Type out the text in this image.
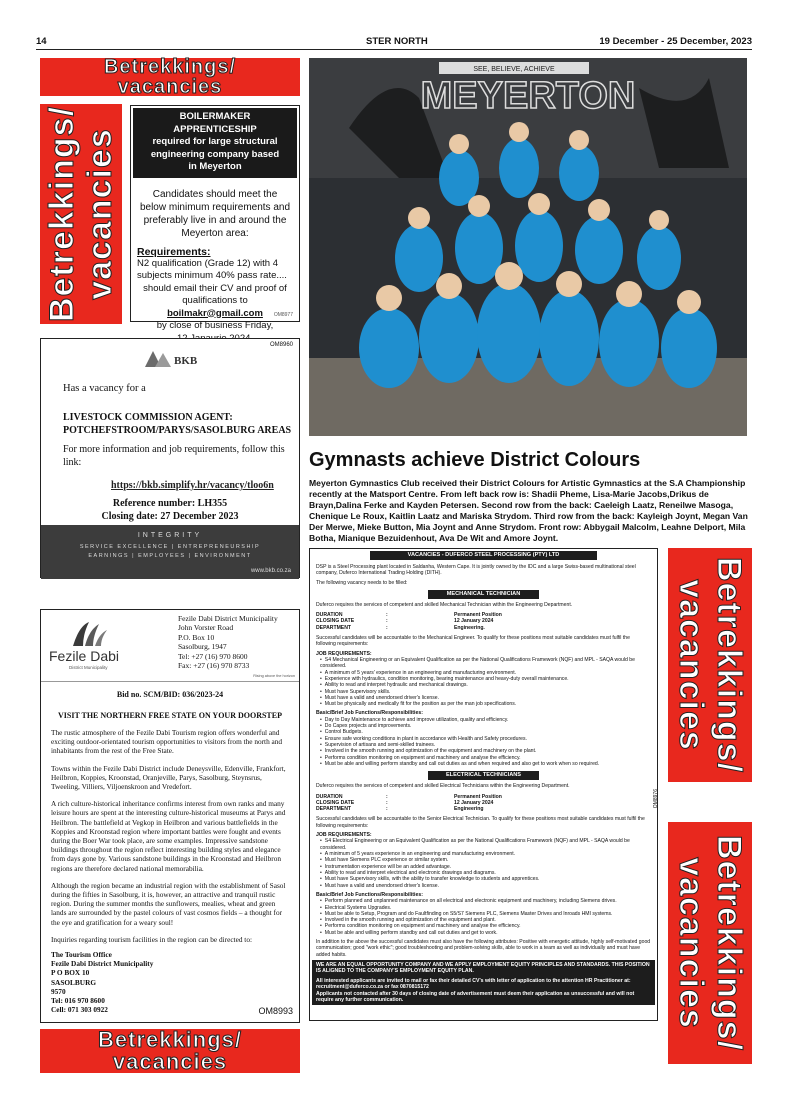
14	STER NORTH	19 December - 25 December, 2023
Betrekkings/
vacancies
Betrekkings/ vacancies
BOILERMAKER APPRENTICESHIP
required for large structural
engineering company based
in Meyerton

Candidates should meet the below minimum requirements and preferably live in and around the Meyerton area:

Requirements:
N2 qualification (Grade 12) with 4 subjects minimum 40% pass rate....
should email their CV and proof of qualifications to boilmakr@gmail.com
by close of business Friday,
OM8977
OM8960
BKB
Has a vacancy for a
LIVESTOCK COMMISSION AGENT:
POTCHEFSTROOM/PARYS/SASOLBURG AREAS
For more information and job requirements, follow this link:
https://bkb.simplify.hr/vacancy/tloo6n
Reference number: LH355
Closing date: 27 December 2023
INTEGRITY
SERVICE EXCELLENCE | ENTREPRENEURSHIP
EARNINGS | EMPLOYEES | ENVIRONMENT
www.bkb.co.za
Fezile Dabi
District Municipality
Fezile Dabi District Municipality
John Vorster Road
P.O. Box 10
Sasolburg, 1947
Tel: +27 (16) 970 8600
Fax: +27 (16) 970 8733
Rising above the horizon
Bid no. SCM/BID: 036/2023-24
VISIT THE NORTHERN FREE STATE ON YOUR DOORSTEP

The rustic atmosphere of the Fezile Dabi Tourism region offers wonderful and exciting outdoor-orientated tourism opportunities to visitors from the north and inhabitants from the rest of the Free State.

Towns within the Fezile Dabi District include Deneysville, Edenville, Frankfort, Heilbron, Koppies, Kroonstad, Oranjeville, Parys, Sasolburg, Steynsrus, Tweeling, Villiers, Viljoenskroon and Vredefort.

A rich culture-historical inheritance confirms interest from own ranks and many leisure hours are spent at the interesting culture-historical museums at Parys and Heilbron. The battlefield at Vegkop in Heilbron and various battlefields in the Koppies and Kroonstad region where important battles were fought and events during the Boer War took place, are some examples. Impressive sandstone buildings throughout the region reflect interesting building styles and elegance from days gone by. Various sandstone buildings in the Kroonstad and Heilbron regions are therefore declared national memorabilia.

Although the region became an industrial region with the establishment of Sasol during the fifties in Sasolburg, it is, however, an attractive and tranquil rustic region. During the summer months the sunflowers, mealies, wheat and green lands are surrounded by the pastel colours of vast cosmos fields – a thought for the eye and gratification for a weary soul!

Inquiries regarding tourism facilities in the region can be directed to:

The Tourism Office
Fezile Dabi District Municipality
P O BOX 10
SASOLBURG
9570
Tel: 016 970 8600
Cell: 071 303 0922	OM8993
Betrekkings/
vacancies
SEE, BELIEVE, ACHIEVE
MEYERTON
Gymnasts achieve District Colours

Meyerton Gymnastics Club received their District Colours for Artistic Gymnastics at the S.A Championship recently at the Matsport Centre. From left back row is: Shadii Pheme, Lisa-Marie Jacobs,Drikus de Brayn,Dalina Ferke and Kayden Petersen. Second row from the back: Caeleigh Laatz, Reneilwe Masoga, Chenique Le Roux, Kaitlin Laatz and Mariska Strydom. Third row from the back: Kayleigh Joynt, Megan Van Der Merwe, Mieke Button, Mia Joynt and Anne Strydom. Front row: Abbygail Malcolm, Leahne Delport, Mila Botha, Mianique Bezuidenhout, Ava De Wit and Amore Joynt.

VACANCIES - DUFERCO STEEL PROCESSING (PTY) LTD

DSP is a Steel Processing plant located in Saldanha, Western Cape. It is jointly owned by the IDC and a large Swiss-based multinational steel company, Duferco International Trading Holding (DITH).

The following vacancy needs to be filled:

MECHANICAL TECHNICIAN

Duferco requires the services of competent and skilled Mechanical Technician within the Engineering Department.

DURATION	:	Permanent Position
CLOSING DATE	:	12 January 2024
DEPARTMENT	:	Engineering.

Successful candidates will be accountable to the Mechanical Engineer. To qualify for these positions most suitable candidates must fulfil the following requirements:

JOB REQUIREMENTS:
• S4 Mechanical Engineering or an Equivalent Qualification as per the National Qualifications Framework (NQF) and MPL - SAQA would be considered.
• A minimum of 5 years' experience in an engineering and manufacturing environment.
• Experience with hydraulics, condition monitoring, bearing maintenance and heavy-duty overall maintenance.
• Ability to read and interpret hydraulic and mechanical drawings.
• Must have Supervisory skills.
• Must have a valid and unendorsed driver's license.
• Must be physically and medically fit for the position as per the man job specifications.
Basic/Brief Job Functions/Responsibilities:
• Day to Day Maintenance to achieve and improve utilization, quality and efficiency.
• Do Capex projects and improvements.
• Control Budgets.
• Ensure safe working conditions in plant in accordance with Health and Safety procedures.
• Supervision of artisans and semi-skilled trainees.
• Involved in the smooth running and optimization of the equipment and machinery on the plant.
• Performs condition monitoring on equipment and machinery and analyse the efficiency.
• Must be able and willing perform standby and call out duties as and when required and also get to work when so required.
ELECTRICAL TECHNICIANS

Duferco requires the services of competent and skilled Electrical Technicians within the Engineering Department.

DURATION	:	Permanent Position
CLOSING DATE	:	12 January 2024
DEPARTMENT	:	Engineering

Successful candidates will be accountable to the Senior Electrical Technician. To qualify for these positions most suitable candidates must fulfil the following requirements:

JOB REQUIREMENTS:
• S4 Electrical Engineering or an Equivalent Qualification as per the National Qualifications Framework (NQF) and MPL - SAQA would be considered.
• A minimum of 5 years experience in an engineering and manufacturing environment.
• Must have Siemens PLC experience or similar system.
• Instrumentation experience will be an added advantage.
• Ability to read and interpret electrical and electronic drawings and diagrams.
• Must have Supervisory skills, with the ability to transfer knowledge to students and apprentices.
• Must have a valid and unendorsed driver's license.
Basic/Brief Job Functions/Responsibilities:
• Perform planned and unplanned maintenance on all electrical and electronic equipment and machinery, including Siemens drives.
• Electrical Systems Upgrades.
• Must be able to Setup, Program and do Faultfinding on S5/S7 Siemens PLC, Siemens Master Drives and Inroads HMI systems.
• Involved in the smooth running and optimization of the equipment and plant.
• Performs condition monitoring on equipment and machinery and analyse the efficiency.
• Must be able and willing perform standby and call out duties and get to work.

In addition to the above the successful candidates must also have the following attributes: Positive with energetic attitude, highly self-motivated good communication; good "work ethic"; good troubleshooting and problem-solving skills, able to work in a team as well as individually and must have added habits.

WE ARE AN EQUAL OPPORTUNITY COMPANY AND WE APPLY EMPLOYMENT EQUITY PRINCIPLES AND STANDARDS. THIS POSITION IS ALIGNED TO THE COMPANY'S EMPLOYMENT EQUITY PLAN.
All interested applicants are invited to mail or fax their detailed CV's with letter of application to the attention HR Practitioner at: recruitment@duferco.co.za or fax 0870815172
Applicants not contacted after 30 days of closing date of advertisement must deem their application as unsuccessful and will not require any further communication.
OM8976
Betrekkings/
vacancies
Betrekkings/
vacancies
